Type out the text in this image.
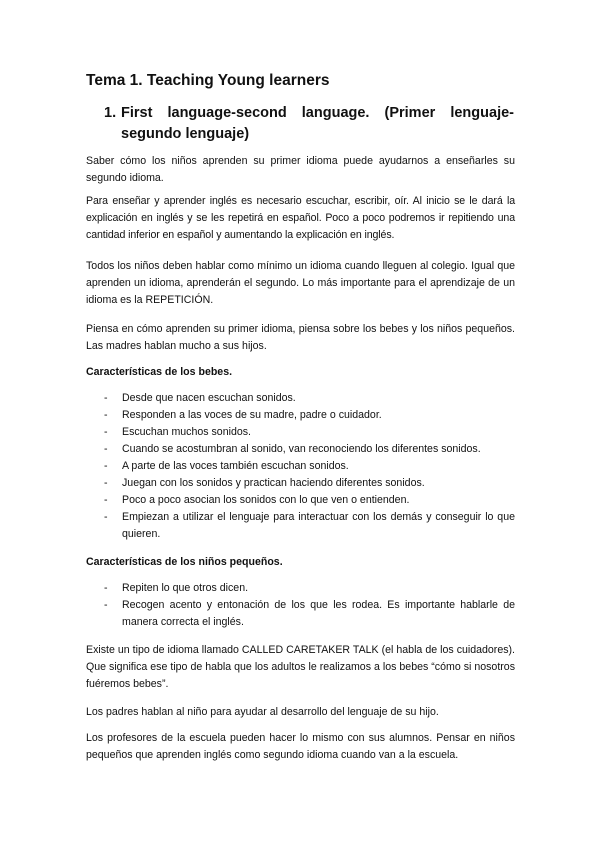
Tema 1. Teaching Young learners
1. First language-second language. (Primer lenguaje- segundo lenguaje)

Saber cómo los niños aprenden su primer idioma puede ayudarnos a enseñarles su segundo idioma.

Para enseñar y aprender inglés es necesario escuchar, escribir, oír. Al inicio se le dará la explicación en inglés y se les repetirá en español. Poco a poco podremos ir repitiendo una cantidad inferior en español y aumentando la explicación en inglés.

Todos los niños deben hablar como mínimo un idioma cuando lleguen al colegio. Igual que aprenden un idioma, aprenderán el segundo. Lo más importante para el aprendizaje de un idioma es la REPETICIÓN.

Piensa en cómo aprenden su primer idioma, piensa sobre los bebes y los niños pequeños. Las madres hablan mucho a sus hijos.

Características de los bebes.

- Desde que nacen escuchan sonidos.
- Responden a las voces de su madre, padre o cuidador.
- Escuchan muchos sonidos.
- Cuando se acostumbran al sonido, van reconociendo los diferentes sonidos.
- A parte de las voces también escuchan sonidos.
- Juegan con los sonidos y practican haciendo diferentes sonidos.
- Poco a poco asocian los sonidos con lo que ven o entienden.
- Empiezan a utilizar el lenguaje para interactuar con los demás y conseguir lo que quieren.

Características de los niños pequeños.

- Repiten lo que otros dicen.
- Recogen acento y entonación de los que les rodea. Es importante hablarle de manera correcta el inglés.

Existe un tipo de idioma llamado CALLED CARETAKER TALK (el habla de los cuidadores). Que significa ese tipo de habla que los adultos le realizamos a los bebes “cómo si nosotros fuéremos bebes”.

Los padres hablan al niño para ayudar al desarrollo del lenguaje de su hijo.

Los profesores de la escuela pueden hacer lo mismo con sus alumnos. Pensar en niños pequeños que aprenden inglés como segundo idioma cuando van a la escuela.
